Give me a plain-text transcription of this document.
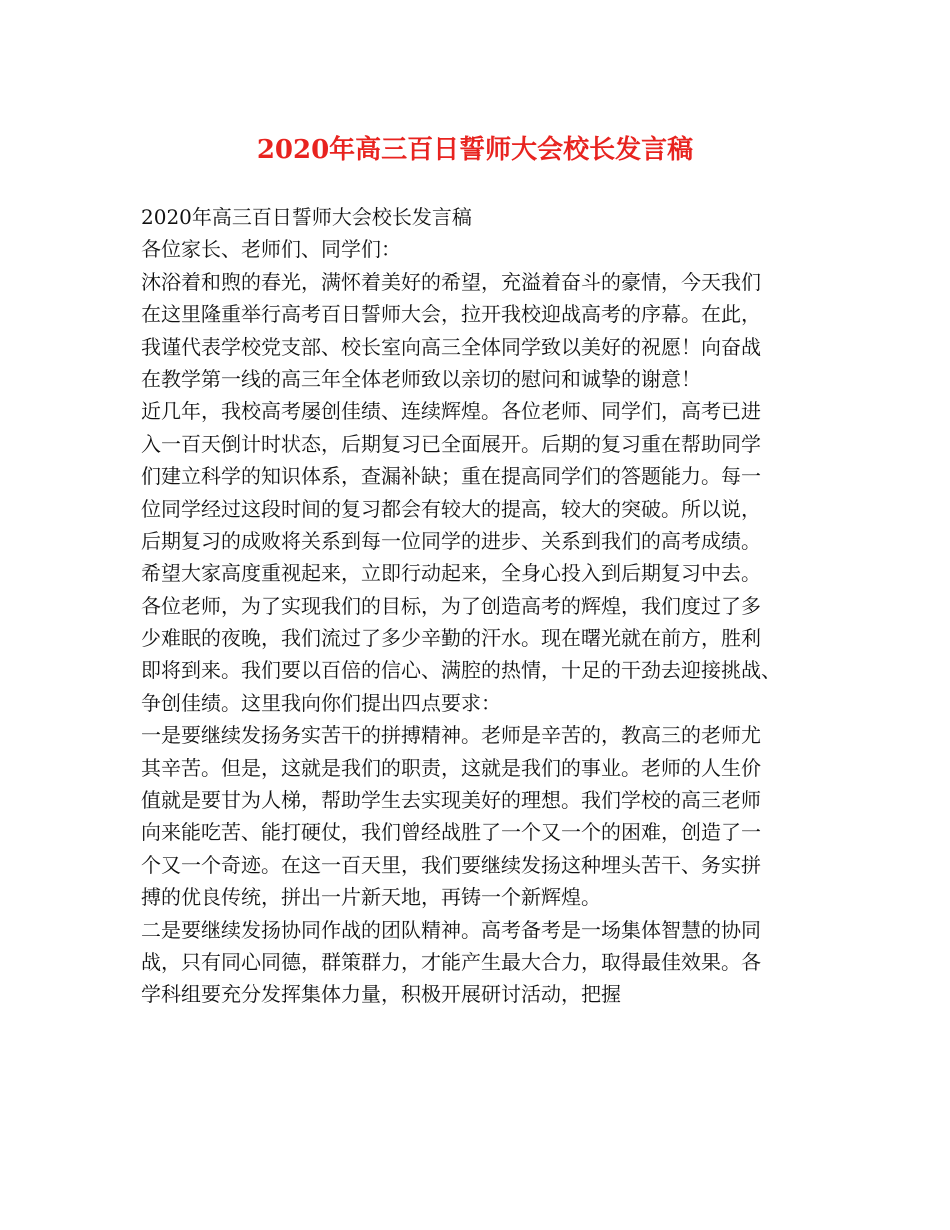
2020年高三百日誓师大会校长发言稿
2020年高三百日誓师大会校长发言稿
各位家长、老师们、同学们：
沐浴着和煦的春光，满怀着美好的希望，充溢着奋斗的豪情，今天我们
在这里隆重举行高考百日誓师大会，拉开我校迎战高考的序幕。在此，
我谨代表学校党支部、校长室向高三全体同学致以美好的祝愿！向奋战
在教学第一线的高三年全体老师致以亲切的慰问和诚挚的谢意！
近几年，我校高考屡创佳绩、连续辉煌。各位老师、同学们，高考已进
入一百天倒计时状态，后期复习已全面展开。后期的复习重在帮助同学
们建立科学的知识体系，查漏补缺；重在提高同学们的答题能力。每一
位同学经过这段时间的复习都会有较大的提高，较大的突破。所以说，
后期复习的成败将关系到每一位同学的进步、关系到我们的高考成绩。
希望大家高度重视起来，立即行动起来，全身心投入到后期复习中去。
各位老师，为了实现我们的目标，为了创造高考的辉煌，我们度过了多
少难眠的夜晚，我们流过了多少辛勤的汗水。现在曙光就在前方，胜利
即将到来。我们要以百倍的信心、满腔的热情，十足的干劲去迎接挑战、
争创佳绩。这里我向你们提出四点要求：
一是要继续发扬务实苦干的拼搏精神。老师是辛苦的，教高三的老师尤
其辛苦。但是，这就是我们的职责，这就是我们的事业。老师的人生价
值就是要甘为人梯，帮助学生去实现美好的理想。我们学校的高三老师
向来能吃苦、能打硬仗，我们曾经战胜了一个又一个的困难，创造了一
个又一个奇迹。在这一百天里，我们要继续发扬这种埋头苦干、务实拼
搏的优良传统，拼出一片新天地，再铸一个新辉煌。
二是要继续发扬协同作战的团队精神。高考备考是一场集体智慧的协同
战，只有同心同德，群策群力，才能产生最大合力，取得最佳效果。各
学科组要充分发挥集体力量，积极开展研讨活动，把握
